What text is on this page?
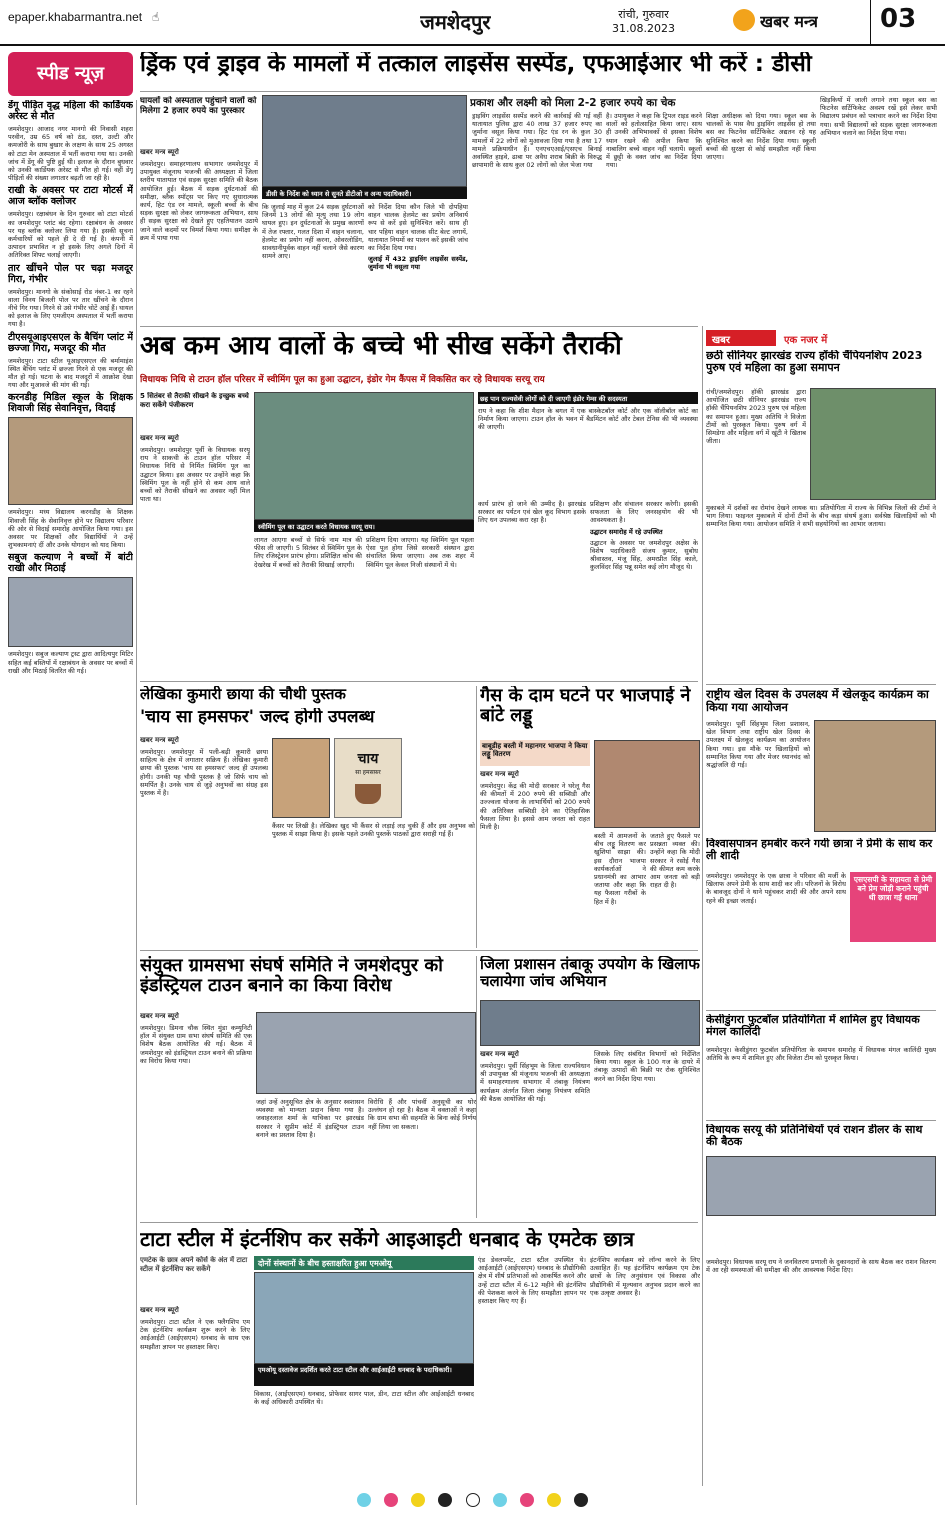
epaper.khabarmantra.net ☝	जमशेदपुर	रांची, गुरुवार
31.08.2023	खबर मन्त्र 03
स्पीड न्यूज़	ड्रिंक एवं ड्राइव के मामलों में तत्काल लाइसेंस सस्पेंड, एफआईआर भी करें : डीसी

डेंगू पीड़ित वृद्ध महिला की कार्डियक अरेस्ट से मौत

जमशेदपुर। आजाद नगर मानगो की निवासी शहरा परवीन, उम्र 65 वर्ष को ठंड, दस्त, उल्टी और कमजोरी के साथ बुखार के लक्षण के साथ 25 अगस्त को टाटा मेन अस्पताल में भर्ती कराया गया था। उनकी जांच में डेंगू की पुष्टि हुई थी। इलाज के दौरान बुधवार को उनकी कार्डियक अरेस्ट से मौत हो गई। वहीं डेंगू पीड़ितों की संख्या लगातार बढ़ती जा रही है।

राखी के अवसर पर टाटा मोटर्स में आज ब्लॉक क्लोजर

जमशेदपुर। रक्षाबंधन के दिन गुरुवार को टाटा मोटर्स का जमशेदपुर प्लांट बंद रहेगा। रक्षाबंधन के अवसर पर यह ब्लॉक क्लोजर लिया गया है। इसकी सूचना कर्मचारियों को पहले ही दे दी गई है। कंपनी में उत्पादन प्रभावित न हो इसके लिए अगले दिनों में अतिरिक्त शिफ्ट चलाई जाएगी।

तार खींचने पोल पर चढ़ा मजदूर गिरा, गंभीर

जमशेदपुर। मानगो के संकोसाई रोड नंबर-1 का रहने वाला विनय बिजली पोल पर तार खींचने के दौरान नीचे गिर गया। गिरने से उसे गंभीर चोटें आई हैं। घायल को इलाज के लिए एमजीएम अस्पताल में भर्ती कराया गया है।

टीएसयूआइएसएल के बैचिंग प्लांट में छज्जा गिरा, मजदूर की मौत

जमशेदपुर। टाटा स्टील यूआइएसएल की बर्मामाइंस स्थित बैचिंग प्लांट में छज्जा गिरने से एक मजदूर की मौत हो गई। घटना के बाद मजदूरों में आक्रोश देखा गया और मुआवजे की मांग की गई।

करनडीह मिडिल स्कूल के शिक्षक शिवाजी सिंह सेवानिवृत्त, विदाई

जमशेदपुर। मध्य विद्यालय करनडीह के शिक्षक शिवाजी सिंह के सेवानिवृत्त होने पर विद्यालय परिवार की ओर से विदाई समारोह आयोजित किया गया। इस अवसर पर शिक्षकों और विद्यार्थियों ने उन्हें शुभकामनाएं दीं और उनके योगदान को याद किया।

सबुज कल्याण ने बच्चों में बांटी राखी और मिठाई

जमशेदपुर। सबुज कल्याण ट्रस्ट द्वारा आदित्यपुर मिटिर सहित कई बस्तियों में रक्षाबंधन के अवसर पर बच्चों में राखी और मिठाई वितरित की गई।

घायलों को अस्पताल पहुंचाने वालों को मिलेगा 2 हजार रुपये का पुरस्कार
डीसी के निर्देश को ध्यान से सुनते डीटीओ व अन्य पदाधिकारी।
प्रकाश और लक्ष्मी को मिला 2-2 हजार रुपये का चेक
खबर मन्त्र ब्यूरो
जमशेदपुर। समाहरणालय सभागार जमशेदपुर में उपायुक्त मंजूनाथ भजन्त्री की अध्यक्षता में जिला स्तरीय यातायात एवं सड़क सुरक्षा समिति की बैठक आयोजित हुई। बैठक में सड़क दुर्घटनाओं की समीक्षा, ब्लैक स्पॉट्स पर किए गए सुधारात्मक कार्य, हिट एंड रन मामले, स्कूली बच्चों के बीच सड़क सुरक्षा को लेकर जागरूकता अभियान, साथ ही सड़क सुरक्षा को देखते हुए एहतियातन उठाये जाने वाले कदमों पर विमर्श किया गया। समीक्षा के क्रम में पाया गया
कि जुलाई माह में कुल 24 सड़क दुर्घटनाओं जिनमें 13 लोगों की मृत्यु तथा 19 लोग घायल हुए। इन दुर्घटनाओं के प्रमुख कारणों में तेज रफ्तार, गलत दिशा में वाहन चलाना, हेलमेट का प्रयोग नहीं करना, ओवरलोडिंग, सावधानीपूर्वक वाहन नहीं चलाने जैसे कारण सामने आए।

को निर्देश दिया कौन जिले भी दोपहिया वाहन चालक हेलमेट का प्रयोग अनिवार्य रूप से करें इसे सुनिश्चित करें। साथ ही चार पहिया वाहन चालक सीट बेल्ट लगायें, यातायात नियमों का पालन करें इसकी जांच का निर्देश दिया गया।

जुलाई में 432 ड्राइविंग लाइसेंस सस्पेंड, जुर्माना भी वसूला गया

ड्राइविंग लाइसेंस सस्पेंड करने की कार्रवाई की गई वहीं यातायात पुलिस द्वारा 40 लाख 37 हजार रुपए का जुर्माना वसूल किया गया। हिट एंड रन के कुल 30 मामलों में 22 लोगों को मुआवजा दिया गया है तथा 17 मामले प्रक्रियाधीन हैं। एनएचएआई/एसएच बिनाई अवस्थित हाइवे, ढाबा पर अवैध शराब बिक्री के विरुद्ध छापामारी के साथ कुल 02 लोगों को जेल भेजा गया
है। उपायुक्त ने कहा कि ट्रिपल राइड करने वालों को हतोत्साहित किया जाए। साथ ही उनकी अभिभावकों से इसका विशेष ध्यान रखने की अपील किया कि नाबालिग बच्चे वाहन नहीं चलायें। स्कूलों में छुट्टी के वक्त जांच का निर्देश दिया गया।
शिक्षा अधीक्षक को दिया गया। स्कूल बस के चालकों के पास वैध ड्राइविंग लाइसेंस हो तथा बस का फिटनेस सर्टिफिकेट अद्यतन रहे यह सुनिश्चित करने का निर्देश दिया गया। स्कूली बच्चों की सुरक्षा से कोई समझौता नहीं किया जाएगा।
खिड़कियों में जाली लगाने तथा स्कूल बस का फिटनेस सर्टिफिकेट अवश्य रखें इसे लेकर सभी विद्यालय प्रबंधन को पत्राचार करने का निर्देश दिया गया। सभी विद्यालयों को सड़क सुरक्षा जागरूकता अभियान चलाने का निर्देश दिया गया।
अब कम आय वालों के बच्चे भी सीख सकेंगे तैराकी
विधायक निधि से टाउन हॉल परिसर में स्वीमिंग पूल का हुआ उद्घाटन, इंडोर गेम कैंपस में विकसित कर रहे विधायक सरयू राय
5 सितंबर से तैराकी सीखने के इच्छुक बच्चे करा सकेंगे पंजीकरण
खबर मन्त्र ब्यूरो
जमशेदपुर। जमशेदपुर पूर्वी के विधायक सरयू राय ने साकची के टाउन हॉल परिसर में विधायक निधि से निर्मित स्विमिंग पूल का उद्घाटन किया। इस अवसर पर उन्होंने कहा कि स्विमिंग पूल के नहीं होने से कम आय वाले बच्चों को तैराकी सीखने का अवसर नहीं मिल पाता था।
स्वीमिंग पूल का उद्घाटन करते विधायक सरयू राय।
लागत आएगा बच्चों से सिर्फ नाम मात्र की फीस ली जाएगी। 5 सितंबर से स्विमिंग पूल के लिए रजिस्ट्रेशन प्रारंभ होगा। प्रशिक्षित कोच की देखरेख में बच्चों को तैराकी सिखाई जाएगी।
प्रशिक्षण दिया जाएगा। यह स्विमिंग पूल पहला ऐसा पूल होगा जिसे सरकारी संस्थान द्वारा संचालित किया जाएगा। अब तक शहर में स्विमिंग पूल केवल निजी संस्थानों में थे।
छह पान राज्यसेवी लोगों को दी जाएगी इंडोर गेम्स की सदस्यता
राय ने कहा कि शीश मैदान के बगल में एक बास्केटबॉल कोर्ट और एक वॉलीबॉल कोर्ट का निर्माण किया जाएगा। टाउन हॉल के भवन में बैडमिंटन कोर्ट और टेबल टेनिस की भी व्यवस्था की जाएगी।
कार्य प्रारंभ हो जाने की उम्मीद है। झारखंड सरकार का पर्यटन एवं खेल कूद विभाग इसके लिए धन उपलब्ध करा रहा है।

प्रशिक्षण और संचालन सरकार करेगी। इसकी सफलता के लिए जनसहयोग की भी आवश्यकता है।

उद्घाटन समारोह में रहे उपस्थित

उद्घाटन के अवसर पर जमशेदपुर अक्षेस के विशेष पदाधिकारी संजय कुमार, सुबोध श्रीवास्तव, मंजू सिंह, अमरप्रीत सिंह काले, कुलविंदर सिंह पन्नू समेत कई लोग मौजूद थे।

लेखिका कुमारी छाया की चौथी पुस्तक
'चाय सा हमसफर' जल्द होगी उपलब्ध
खबर मन्त्र ब्यूरो
जमशेदपुर। जमशेदपुर में पली-बढ़ी कुमारी छाया साहित्य के क्षेत्र में लगातार सक्रिय हैं। लेखिका कुमारी छाया की पुस्तक 'चाय सा हमसफर' जल्द ही उपलब्ध होगी। उनकी यह चौथी पुस्तक है जो सिर्फ चाय को समर्पित है। उनके चाय से जुड़े अनुभवों का संग्रह इस पुस्तक में है।
चाय
सा हमसफ़र
कैंसर पर लिखी है। लेखिका खुद भी कैंसर से लड़ाई लड़ चुकी हैं और इस अनुभव को पुस्तक में साझा किया है। इसके पहले उनकी पुस्तकें पाठकों द्वारा सराही गई हैं।
गैस के दाम घटने पर भाजपाई ने बांटे लड्डू
बाबूडीह बस्ती में महानगर भाजपा ने किया लड्डू वितरण
खबर मन्त्र ब्यूरो
जमशेदपुर। केंद्र की मोदी सरकार ने घरेलू गैस की कीमतों में 200 रुपये की सब्सिडी और उज्ज्वला योजना के लाभार्थियों को 200 रुपये की अतिरिक्त सब्सिडी देने का ऐतिहासिक फैसला लिया है। इससे आम जनता को राहत मिली है।
बस्ती में आमजनों के बीच लड्डू वितरण कर खुशियां साझा की। इस दौरान भाजपा कार्यकर्ताओं ने प्रधानमंत्री का आभार जताया और कहा कि यह फैसला गरीबों के हित में है।
जताते हुए फैसले पर प्रसन्नता व्यक्त की। उन्होंने कहा कि मोदी सरकार ने रसोई गैस की कीमत कम करके आम जनता को बड़ी राहत दी है।
संयुक्त ग्रामसभा संघर्ष समिति ने जमशेदपुर को इंडस्ट्रियल टाउन बनाने का किया विरोध
खबर मन्त्र ब्यूरो
जमशेदपुर। डिमना चौक स्थित मुंडा कम्युनिटी हॉल में संयुक्त ग्राम सभा संघर्ष समिति की एक विशेष बैठक आयोजित की गई। बैठक में जमशेदपुर को इंडस्ट्रियल टाउन बनाने की प्रक्रिया का विरोध किया गया।
जहां उन्हें अनुसूचित क्षेत्र के अनुसार स्वशासन व्यवस्था को मान्यता प्रदान किया गया है। जवाहरलाल शर्मा के याचिका पर झारखंड सरकार ने सुप्रीम कोर्ट में इंडस्ट्रियल टाउन बनाने का प्रस्ताव दिया है।
विरोधि हैं और पांचवीं अनुसूची का घोर उल्लंघन हो रहा है। बैठक में वक्ताओं ने कहा कि ग्राम सभा की सहमति के बिना कोई निर्णय नहीं लिया जा सकता।
जिला प्रशासन तंबाकू उपयोग के खिलाफ चलायेगा जांच अभियान
खबर मन्त्र ब्यूरो
जमशेदपुर। पूर्वी सिंहभूम के जिला राज्यविधान श्री उपायुक्त श्री मंजूनाथ भजन्त्री की अध्यक्षता में समाहरणालय सभागार में तंबाकू नियंत्रण कार्यक्रम अंतर्गत जिला तंबाकू नियंत्रण समिति की बैठक आयोजित की गई।
जिसके लिए संबंधित विभागों को निर्देशित किया गया। स्कूल के 100 गज के दायरे में तंबाकू उत्पादों की बिक्री पर रोक सुनिश्चित करने का निर्देश दिया गया।
टाटा स्टील में इंटर्नशिप कर सकेंगे आइआइटी धनबाद के एमटेक छात्र
एमटेक के छात्र अपने कोर्स के अंत में टाटा स्टील में इंटर्नशिप कर सकेंगे
दोनों संस्थानों के बीच हस्ताक्षरित हुआ एमओयू
एमओयू दस्तावेज प्रदर्शित करते टाटा स्टील और आईआईटी धनबाद के पदाधिकारी।
खबर मन्त्र ब्यूरो
जमशेदपुर। टाटा स्टील ने एक फ्लैगशिप एम टेक इंटर्नशिप कार्यक्रम शुरू करने के लिए आईआईटी (आईएसएम) धनबाद के साथ एक समझौता ज्ञापन पर हस्ताक्षर किए।
विकास, (आईएसएम) धनबाद, प्रोफेसर सागर पाल, डीन, टाटा स्टील और आईआईटी धनबाद के कई अधिकारी उपस्थित थे।
एंड डेवलपमेंट, टाटा स्टील उपस्थित थे। आईआईटी (आईएसएम) धनबाद के प्रौद्योगिकी क्षेत्र में शीर्ष प्रतिभाओं को आकर्षित करने और उन्हें टाटा स्टील में 6-12 महीने की इंटर्नशिप की पेशकश करने के लिए समझौता ज्ञापन पर हस्ताक्षर किए गए हैं।
इंटर्नशिप कार्यक्रम को लॉन्च करने के लिए उत्साहित हैं। यह इंटर्नशिप कार्यक्रम एम टेक छात्रों के लिए अनुसंधान एवं विकास और प्रौद्योगिकी में मूल्यवान अनुभव प्रदान करने का एक उत्कृष्ट अवसर है।
खबर	एक नजर में
छठी सीनियर झारखंड राज्य हॉकी चैंपियनशिप 2023 पुरुष एवं महिला का हुआ समापन
रांची/जमशेदपुर। हॉकी झारखंड द्वारा आयोजित छठी सीनियर झारखंड राज्य हॉकी चैंपियनशिप 2023 पुरुष एवं महिला का समापन हुआ। मुख्य अतिथि ने विजेता टीमों को पुरस्कृत किया। पुरुष वर्ग में सिमडेगा और महिला वर्ग में खूंटी ने खिताब जीता।
मुकाबले में दर्शकों का रोमांच देखने लायक था। प्रतियोगिता में राज्य के विभिन्न जिलों की टीमों ने भाग लिया। फाइनल मुकाबले में दोनों टीमों के बीच कड़ा संघर्ष हुआ। सर्वश्रेष्ठ खिलाड़ियों को भी सम्मानित किया गया। आयोजन समिति ने सभी सहयोगियों का आभार जताया।
राष्ट्रीय खेल दिवस के उपलक्ष्य में खेलकूद कार्यक्रम का किया गया आयोजन
जमशेदपुर। पूर्वी सिंहभूम जिला प्रशासन, खेल विभाग तथा राष्ट्रीय खेल दिवस के उपलक्ष्य में खेलकूद कार्यक्रम का आयोजन किया गया। इस मौके पर खिलाड़ियों को सम्मानित किया गया और मेजर ध्यानचंद को श्रद्धांजलि दी गई।
विश्वासपात्रन हमबीर करने गयी छात्रा ने प्रेमी के साथ कर ली शादी
एसएसपी के सहायता से प्रेमी बने प्रेम जोड़ी कराने पहुंची थी छात्रा गई थाना
जमशेदपुर। जमशेदपुर के एक छात्रा ने परिवार की मर्जी के खिलाफ अपने प्रेमी के साथ शादी कर ली। परिजनों के विरोध के बावजूद दोनों ने थाने पहुंचकर शादी की और अपने साथ रहने की इच्छा जताई।
केसीडुंगरा फुटबॉल प्रतियोगिता में शामिल हुए विधायक मंगल कालिंदी
जमशेदपुर। केसीडुंगरा फुटबॉल प्रतियोगिता के समापन समारोह में विधायक मंगल कालिंदी मुख्य अतिथि के रूप में शामिल हुए और विजेता टीम को पुरस्कृत किया।
विधायक सरयू की प्रतिनिधियों एवं राशन डीलर के साथ की बैठक
जमशेदपुर। विधायक सरयू राय ने जनवितरण प्रणाली के दुकानदारों के साथ बैठक कर राशन वितरण में आ रही समस्याओं की समीक्षा की और आवश्यक निर्देश दिए।
